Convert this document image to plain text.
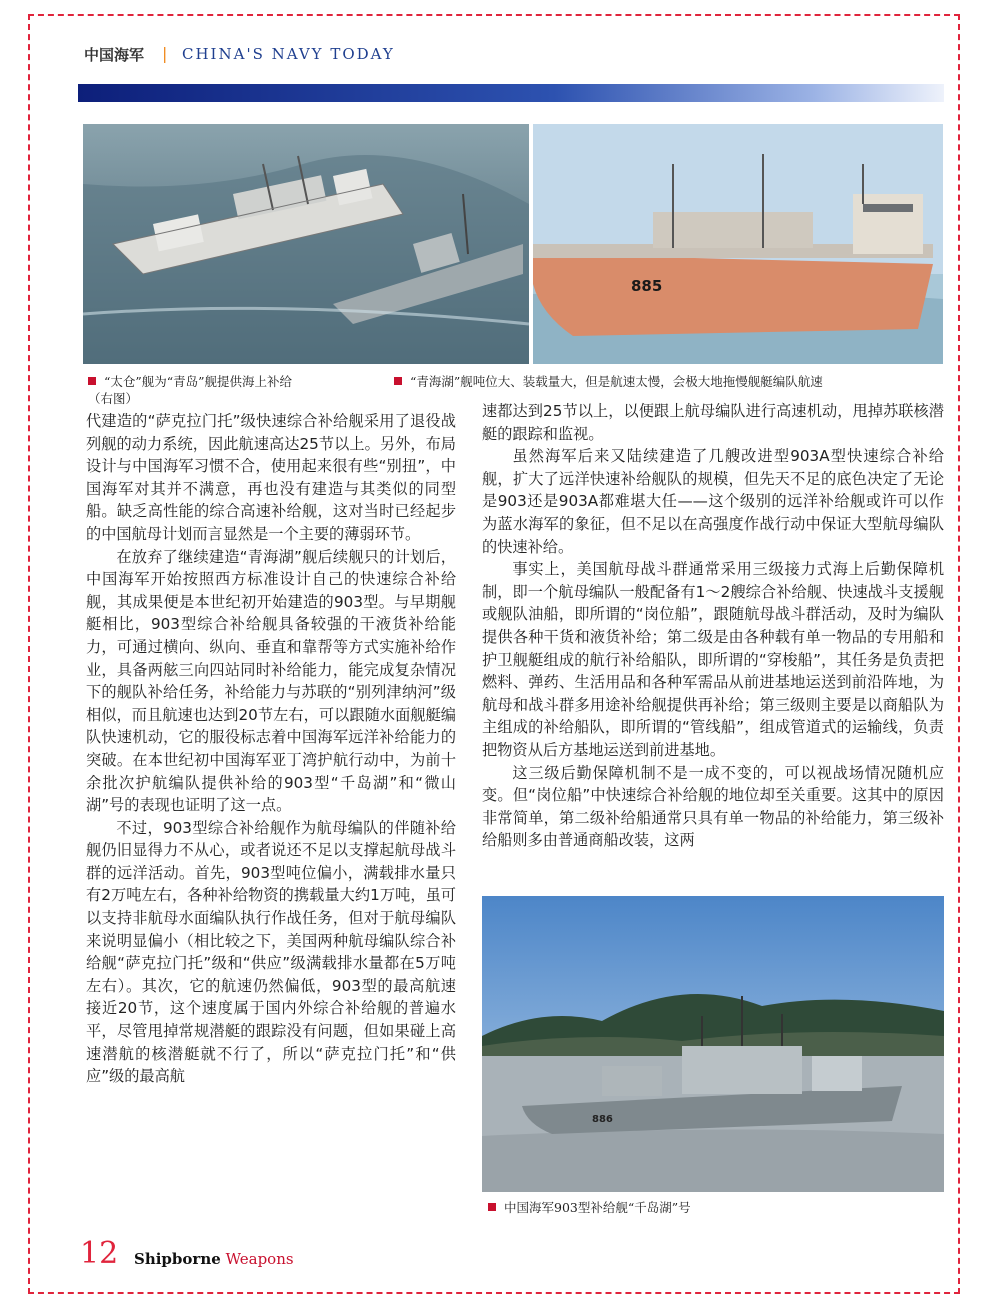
中国海军 | CHINA'S NAVY TODAY
885
“太仓”舰为“青岛”舰提供海上补给	“青海湖”舰吨位大、装载量大，但是航速太慢，会极大地拖慢舰艇编队航速
（右图）

代建造的“萨克拉门托”级快速综合补给舰采用了退役战列舰的动力系统，因此航速高达25节以上。另外，布局设计与中国海军习惯不合，使用起来很有些“别扭”，中国海军对其并不满意，再也没有建造与其类似的同型船。缺乏高性能的综合高速补给舰，这对当时已经起步的中国航母计划而言显然是一个主要的薄弱环节。

在放弃了继续建造“青海湖”舰后续舰只的计划后，中国海军开始按照西方标准设计自己的快速综合补给舰，其成果便是本世纪初开始建造的903型。与早期舰艇相比，903型综合补给舰具备较强的干液货补给能力，可通过横向、纵向、垂直和靠帮等方式实施补给作业，具备两舷三向四站同时补给能力，能完成复杂情况下的舰队补给任务，补给能力与苏联的“别列津纳河”级相似，而且航速也达到20节左右，可以跟随水面舰艇编队快速机动，它的服役标志着中国海军远洋补给能力的突破。在本世纪初中国海军亚丁湾护航行动中，为前十余批次护航编队提供补给的903型“千岛湖”和“微山湖”号的表现也证明了这一点。

不过，903型综合补给舰作为航母编队的伴随补给舰仍旧显得力不从心，或者说还不足以支撑起航母战斗群的远洋活动。首先，903型吨位偏小，满载排水量只有2万吨左右，各种补给物资的携载量大约1万吨，虽可以支持非航母水面编队执行作战任务，但对于航母编队来说明显偏小（相比较之下，美国两种航母编队综合补给舰“萨克拉门托”级和“供应”级满载排水量都在5万吨左右）。其次，它的航速仍然偏低，903型的最高航速接近20节，这个速度属于国内外综合补给舰的普遍水平，尽管甩掉常规潜艇的跟踪没有问题，但如果碰上高速潜航的核潜艇就不行了，所以“萨克拉门托”和“供应”级的最高航

速都达到25节以上，以便跟上航母编队进行高速机动，甩掉苏联核潜艇的跟踪和监视。

虽然海军后来又陆续建造了几艘改进型903A型快速综合补给舰，扩大了远洋快速补给舰队的规模，但先天不足的底色决定了无论是903还是903A都难堪大任——这个级别的远洋补给舰或许可以作为蓝水海军的象征，但不足以在高强度作战行动中保证大型航母编队的快速补给。

事实上，美国航母战斗群通常采用三级接力式海上后勤保障机制，即一个航母编队一般配备有1～2艘综合补给舰、快速战斗支援舰或舰队油船，即所谓的“岗位船”，跟随航母战斗群活动，及时为编队提供各种干货和液货补给；第二级是由各种载有单一物品的专用船和护卫舰艇组成的航行补给船队，即所谓的“穿梭船”，其任务是负责把燃料、弹药、生活用品和各种军需品从前进基地运送到前沿阵地，为航母和战斗群多用途补给舰提供再补给；第三级则主要是以商船队为主组成的补给船队，即所谓的“管线船”，组成管道式的运输线，负责把物资从后方基地运送到前进基地。

这三级后勤保障机制不是一成不变的，可以视战场情况随机应变。但“岗位船”中快速综合补给舰的地位却至关重要。这其中的原因非常简单，第二级补给船通常只具有单一物品的补给能力，第三级补给船则多由普通商船改装，这两

886
中国海军903型补给舰“千岛湖”号
12 Shipborne Weapons
